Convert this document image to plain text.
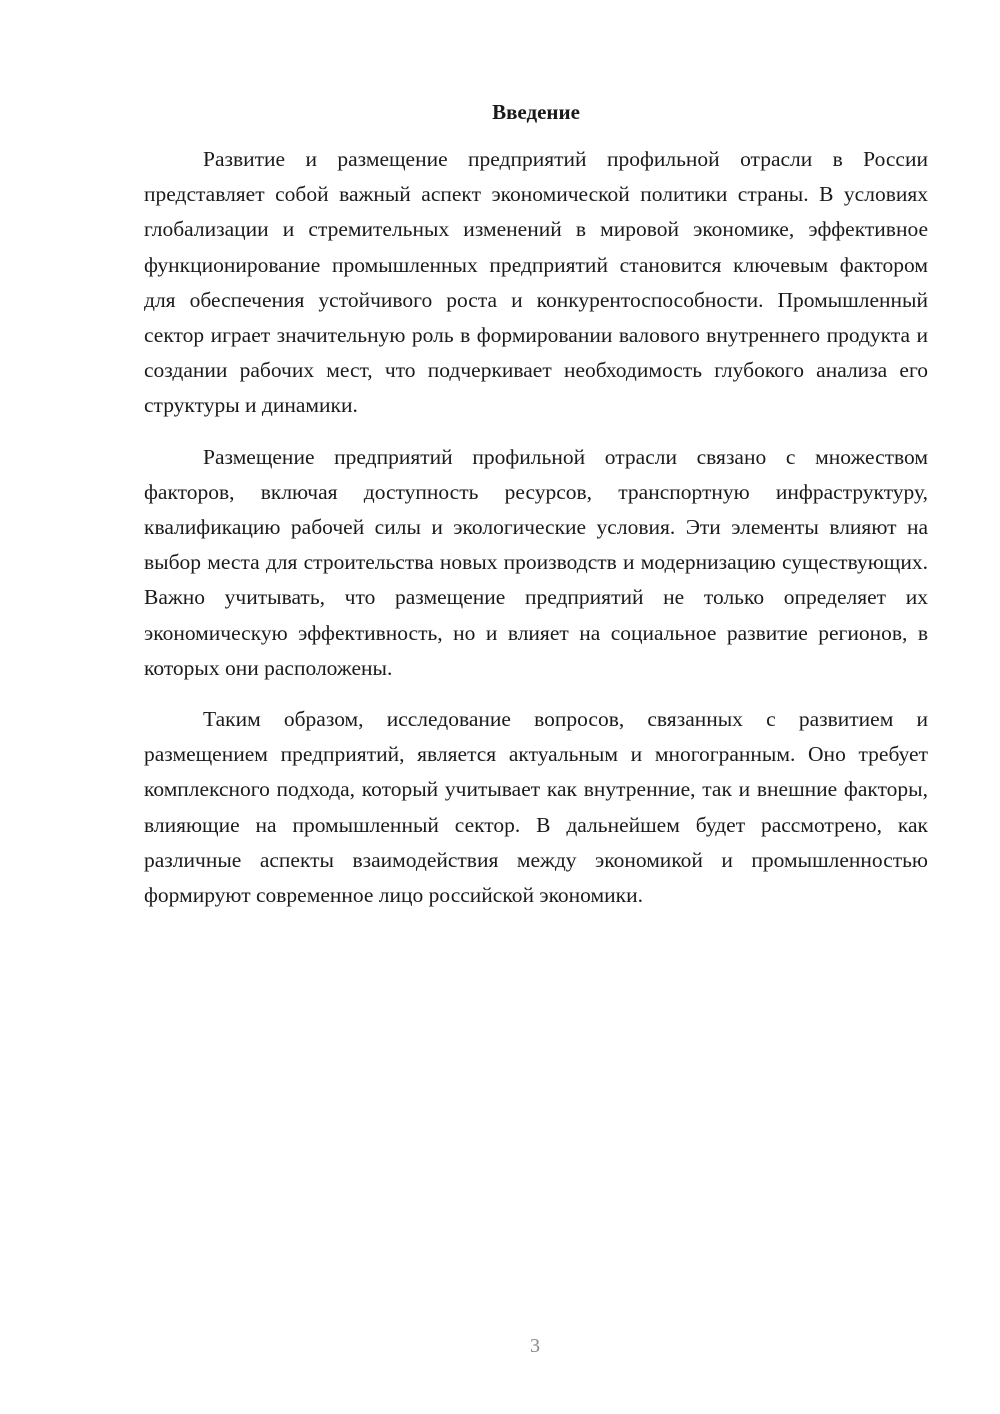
Введение

Развитие и размещение предприятий профильной отрасли в России представляет собой важный аспект экономической политики страны. В условиях глобализации и стремительных изменений в мировой экономике, эффективное функционирование промышленных предприятий становится ключевым фактором для обеспечения устойчивого роста и конкурентоспособности. Промышленный сектор играет значительную роль в формировании валового внутреннего продукта и создании рабочих мест, что подчеркивает необходимость глубокого анализа его структуры и динамики.

Размещение предприятий профильной отрасли связано с множеством факторов, включая доступность ресурсов, транспортную инфраструктуру, квалификацию рабочей силы и экологические условия. Эти элементы влияют на выбор места для строительства новых производств и модернизацию существующих. Важно учитывать, что размещение предприятий не только определяет их экономическую эффективность, но и влияет на социальное развитие регионов, в которых они расположены.

Таким образом, исследование вопросов, связанных с развитием и размещением предприятий, является актуальным и многогранным. Оно требует комплексного подхода, который учитывает как внутренние, так и внешние факторы, влияющие на промышленный сектор. В дальнейшем будет рассмотрено, как различные аспекты взаимодействия между экономикой и промышленностью формируют современное лицо российской экономики.

3
